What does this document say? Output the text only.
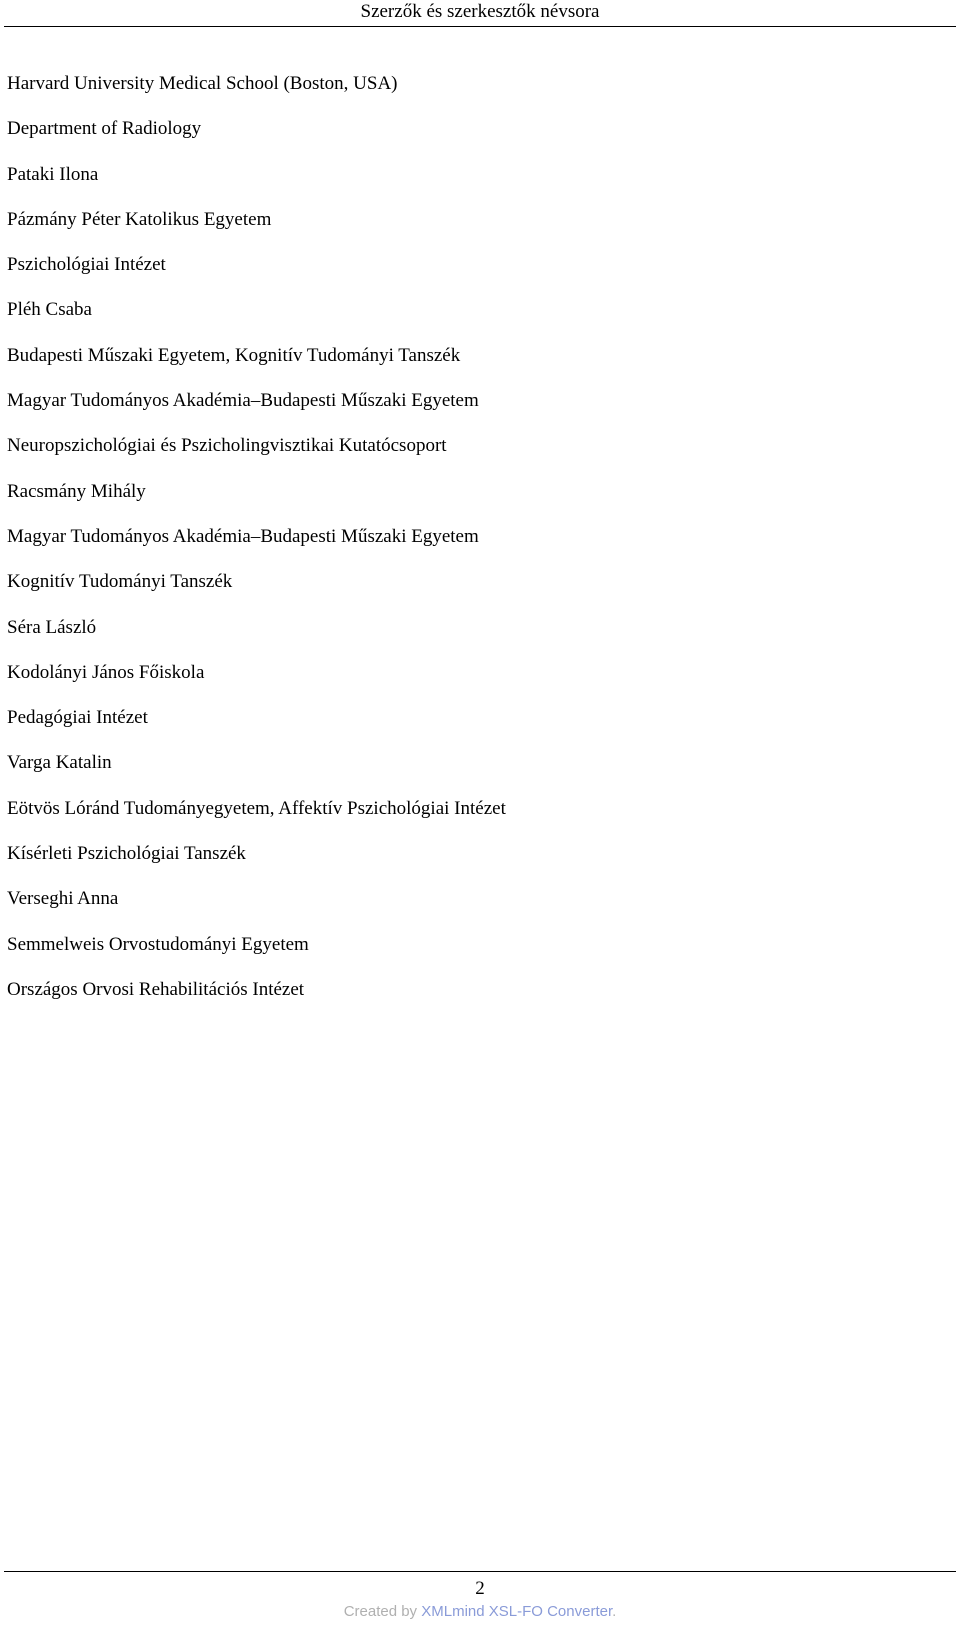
Szerzők és szerkesztők névsora
Harvard University Medical School (Boston, USA)
Department of Radiology
Pataki Ilona
Pázmány Péter Katolikus Egyetem
Pszichológiai Intézet
Pléh Csaba
Budapesti Műszaki Egyetem, Kognitív Tudományi Tanszék
Magyar Tudományos Akadémia–Budapesti Műszaki Egyetem
Neuropszichológiai és Pszicholingvisztikai Kutatócsoport
Racsmány Mihály
Magyar Tudományos Akadémia–Budapesti Műszaki Egyetem
Kognitív Tudományi Tanszék
Séra László
Kodolányi János Főiskola
Pedagógiai Intézet
Varga Katalin
Eötvös Lóránd Tudományegyetem, Affektív Pszichológiai Intézet
Kísérleti Pszichológiai Tanszék
Verseghi Anna
Semmelweis Orvostudományi Egyetem
Országos Orvosi Rehabilitációs Intézet
2
Created by XMLmind XSL-FO Converter.
